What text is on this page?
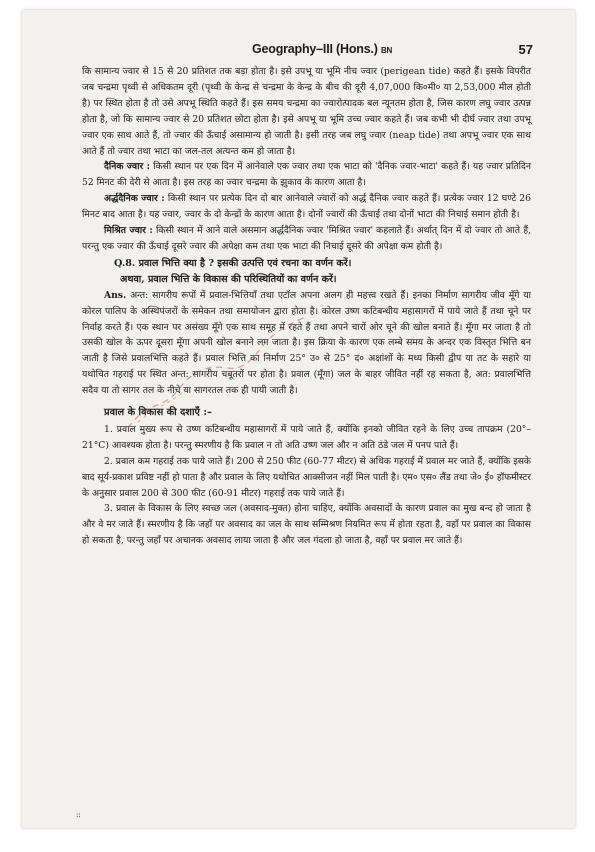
Geography–III (Hons.) BN	57

कि सामान्य ज्वार से 15 से 20 प्रतिशत तक बड़ा होता है। इसे उपभू या भूमि नीच ज्वार (perigean tide) कहते हैं। इसके विपरीत जब चन्द्रमा पृथ्वी से अधिकतम दूरी (पृथ्वी के केन्द्र से चन्द्रमा के केन्द्र के बीच की दूरी 4,07,000 कि०मी० या 2,53,000 मील होती है) पर स्थित होता है तो उसे अपभू स्थिति कहते हैं। इस समय चन्द्रमा का ज्वारोत्पादक बल न्यूनतम होता है, जिस कारण लघु ज्वार उत्पन्न होता है, जो कि सामान्य ज्वार से 20 प्रतिशत छोटा होता है। इसे अपभू या भूमि उच्च ज्वार कहते हैं। जब कभी भी दीर्घ ज्वार तथा उपभू ज्वार एक साथ आते हैं, तो ज्वार की ऊँचाई असामान्य हो जाती है। इसी तरह जब लघु ज्वार (neap tide) तथा अपभू ज्वार एक साथ आते हैं तो ज्वार तथा भाटा का जल-तल अत्यन्त कम हो जाता है।

दैनिक ज्वार : किसी स्थान पर एक दिन में आनेवाले एक ज्वार तथा एक भाटा को 'दैनिक ज्वार-भाटा' कहते हैं। यह ज्वार प्रतिदिन 52 मिनट की देरी से आता है। इस तरह का ज्वार चन्द्रमा के झुकाव के कारण आता है।

अर्द्धदैनिक ज्वार : किसी स्थान पर प्रत्येक दिन दो बार आनेवाले ज्वारों को अर्द्ध दैनिक ज्वार कहते हैं। प्रत्येक ज्वार 12 घण्टे 26 मिनट बाद आता है। यह ज्वार, ज्वार के दो केन्द्रों के कारण आता है। दोनों ज्वारों की ऊँचाई तथा दोनों भाटा की निचाई समान होती है।

मिश्रित ज्वार : किसी स्थान में आने वाले असमान अर्द्धदैनिक ज्वार 'मिश्रित ज्वार' कहलाते हैं। अर्थात् दिन में दो ज्वार तो आते हैं, परन्तु एक ज्वार की ऊँचाई दूसरे ज्वार की अपेक्षा कम तथा एक भाटा की निचाई दूसरे की अपेक्षा कम होती है।

Q.8. प्रवाल भित्ति क्या है ? इसकी उत्पत्ति एवं रचना का वर्णन करें।
अथवा, प्रवाल भित्ति के विकास की परिस्थितियों का वर्णन करें।

Ans. अन्त: सागरीय रूपों में प्रवाल-भित्तियाँ तथा एटॉल अपना अलग ही महत्त्व रखते हैं। इनका निर्माण सागरीय जीव मूँगे या कोरल पालिप के अस्थिपंजरों के समेकन तथा समायोजन द्वारा होता है। कोरल उष्ण कटिबन्धीय महासागरों में पाये जाते हैं तथा चूने पर निर्वाह करते हैं। एक स्थान पर असंख्य मूँगे एक साथ समूह में रहते हैं तथा अपने चारों ओर चूने की खोल बनाते हैं। मूँगा मर जाता है तो उसकी खोल के ऊपर दूसरा मूँगा अपनी खोल बनाने लग जाता है। इस क्रिया के कारण एक लम्बे समय के अन्दर एक विस्तृत भित्ति बन जाती है जिसे प्रवालभित्ति कहते हैं। प्रवाल भित्ति का निर्माण 25° उ० से 25° द० अक्षांशों के मध्य किसी द्वीप या तट के सहारे या यथोचित गहराई पर स्थित अन्त: सागरीय चबूतरों पर होता है। प्रवाल (मूँगा) जल के बाहर जीवित नहीं रह सकता है, अत: प्रवालभित्ति सदैव या तो सागर तल के नीचे या सागरतल तक ही पायी जाती है।

प्रवाल के विकास की दशाएँ :–

1. प्रवाल मुख्य रूप से उष्ण कटिबन्धीय महासागरों में पाये जाते हैं, क्योंकि इनको जीवित रहने के लिए उच्च तापक्रम (20°–21°C) आवश्यक होता है। परन्तु स्मरणीय है कि प्रवाल न तो अति उष्ण जल और न अति ठंडे जल में पनप पाते हैं।

2. प्रवाल कम गहराई तक पाये जाते हैं। 200 से 250 फीट (60-77 मीटर) से अधिक गहराई में प्रवाल मर जाते हैं, क्योंकि इसके बाद सूर्य-प्रकाश प्रविष्ट नहीं हो पाता है और प्रवाल के लिए यथोचित आक्सीजन नहीं मिल पाती है। एम० एस० लैंड तथा जे० ई० हॉफमीस्टर के अनुसार प्रवाल 200 से 300 फीट (60-91 मीटर) गहराई तक पाये जाते हैं।

3. प्रवाल के विकास के लिए स्वच्छ जल (अवसाद-मुक्त) होना चाहिए, क्योंकि अवसादों के कारण प्रवाल का मुख बन्द हो जाता है और वे मर जाते हैं। स्मरणीय है कि जहाँ पर अवसाद का जल के साथ सम्मिश्रण नियमित रूप में होता रहता है, वहाँ पर प्रवाल का विकास हो सकता है, परन्तु जहाँ पर अचानक अवसाद लाया जाता है और जल गंदला हो जाता है, वहाँ पर प्रवाल मर जाते हैं।

::
